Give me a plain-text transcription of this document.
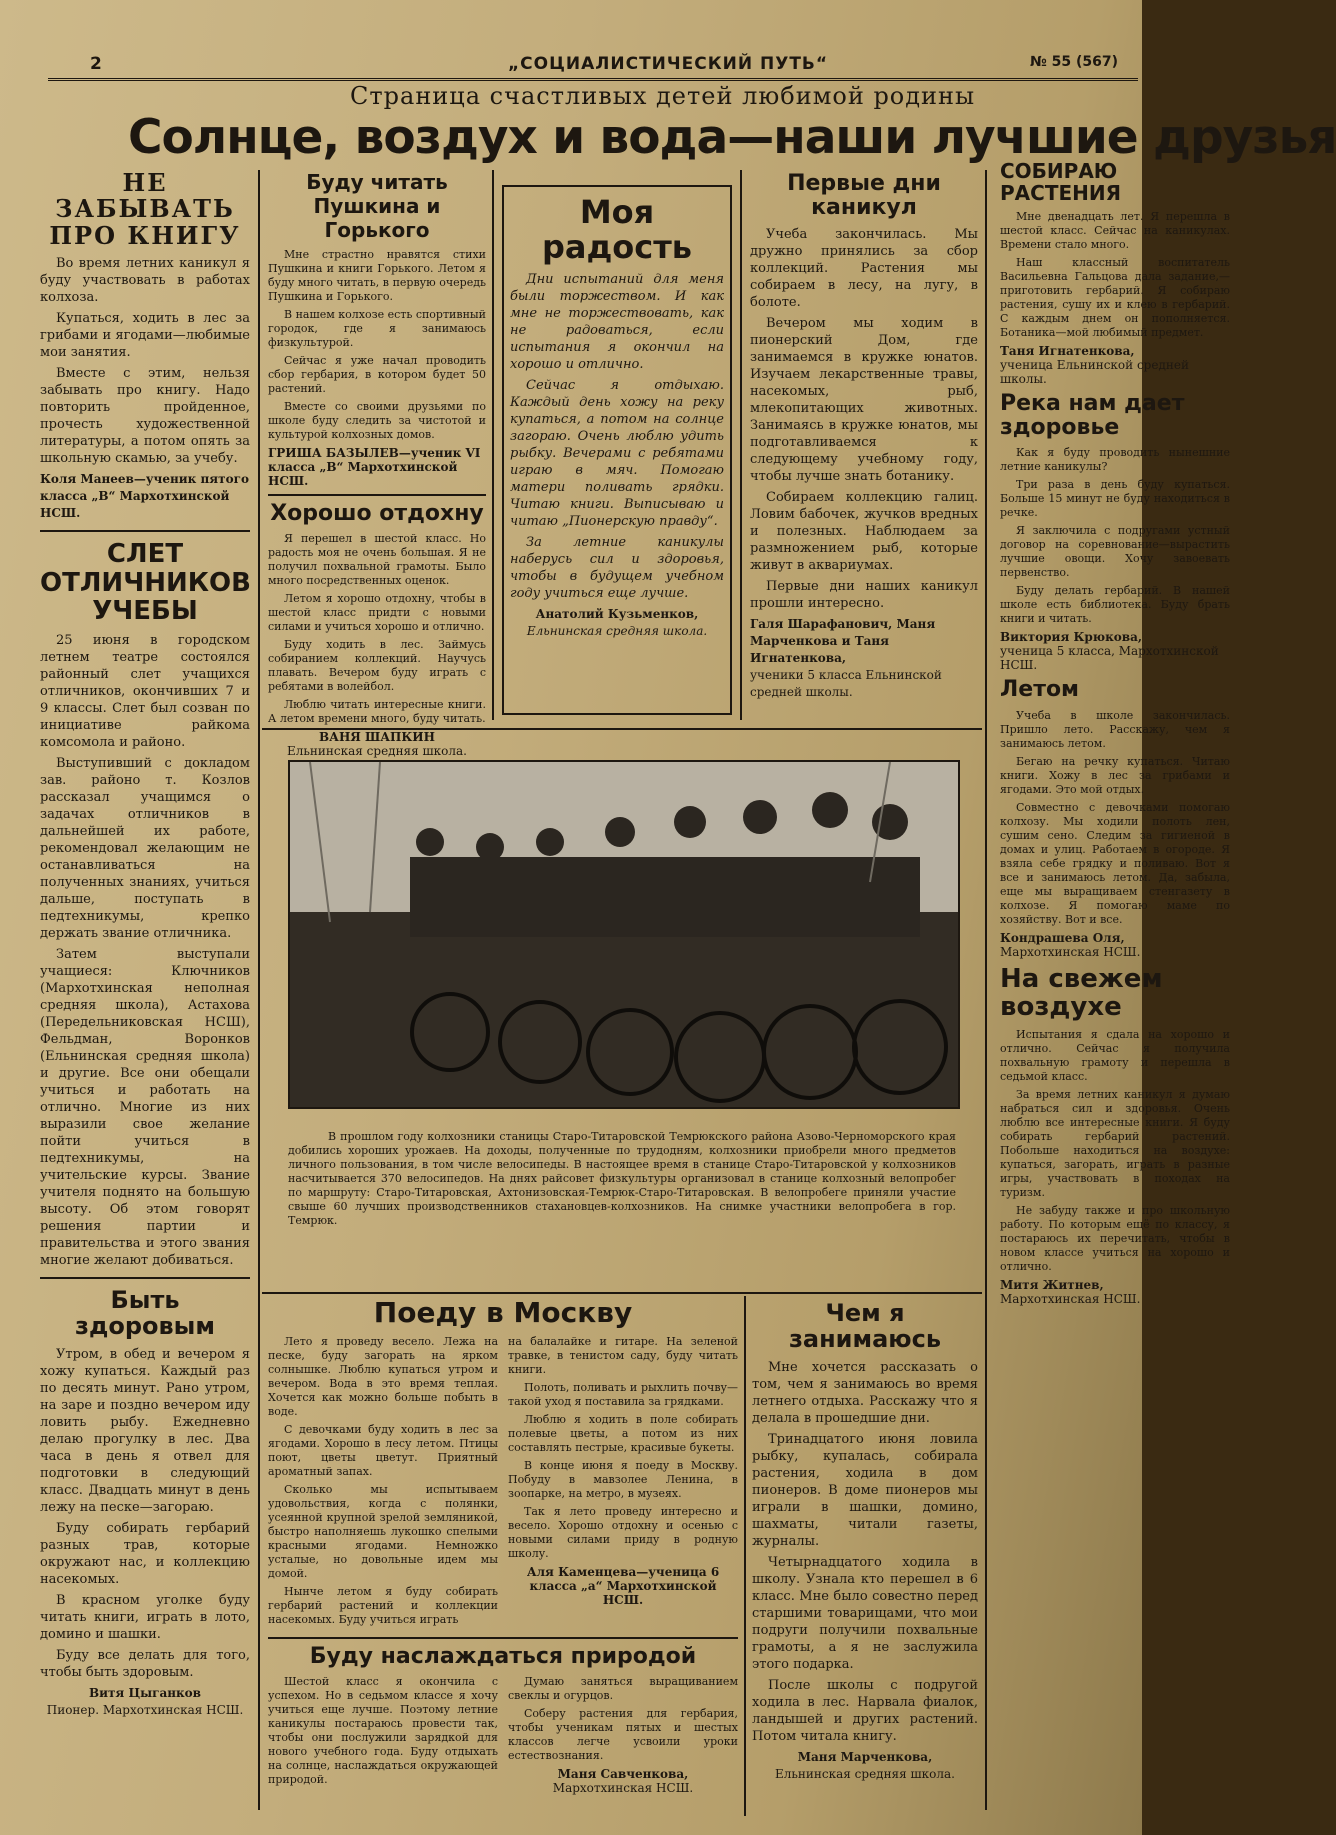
2	„СОЦИАЛИСТИЧЕСКИЙ ПУТЬ“	№ 55 (567)
Страница счастливых детей любимой родины
Солнце, воздух и вода—наши лучшие друзья
НЕ ЗАБЫВАТЬ ПРО КНИГУ

Во время летних каникул я буду участвовать в работах колхоза.

Купаться, ходить в лес за грибами и ягодами—любимые мои занятия.

Вместе с этим, нельзя забывать про книгу. Надо повторить пройденное, прочесть художественной литературы, а потом опять за школьную скамью, за учебу.

Коля Манеев—ученик пятого класса „В“ Мархотхинской НСШ.
СЛЕТ ОТЛИЧНИКОВ УЧЕБЫ

25 июня в городском летнем театре состоялся районный слет учащихся отличников, окончивших 7 и 9 классы. Слет был созван по инициативе райкома комсомола и районо.

Выступивший с докладом зав. районо т. Козлов рассказал учащимся о задачах отличников в дальнейшей их работе, рекомендовал желающим не останавливаться на полученных знаниях, учиться дальше, поступать в педтехникумы, крепко держать звание отличника.

Затем выступали учащиеся: Ключников (Мархотхинская неполная средняя школа), Астахова (Передельниковская НСШ), Фельдман, Воронков (Ельнинская средняя школа) и другие. Все они обещали учиться и работать на отлично. Многие из них выразили свое желание пойти учиться в педтехникумы, на учительские курсы. Звание учителя поднято на большую высоту. Об этом говорят решения партии и правительства и этого звания многие желают добиваться.

Быть здоровым

Утром, в обед и вечером я хожу купаться. Каждый раз по десять минут. Рано утром, на заре и поздно вечером иду ловить рыбу. Ежедневно делаю прогулку в лес. Два часа в день я отвел для подготовки в следующий класс. Двадцать минут в день лежу на песке—загораю.

Буду собирать гербарий разных трав, которые окружают нас, и коллекцию насекомых.

В красном уголке буду читать книги, играть в лото, домино и шашки.

Буду все делать для того, чтобы быть здоровым.

Витя Цыганков
Пионер. Мархотхинская НСШ.
Буду читать Пушкина и Горького

Мне страстно нравятся стихи Пушкина и книги Горького. Летом я буду много читать, в первую очередь Пушкина и Горького.

В нашем колхозе есть спортивный городок, где я занимаюсь физкультурой.

Сейчас я уже начал проводить сбор гербария, в котором будет 50 растений.

Вместе со своими друзьями по школе буду следить за чистотой и культурой колхозных домов.

ГРИША БАЗЫЛЕВ—ученик VI класса „В“ Мархотхинской НСШ.
Хорошо отдохну

Я перешел в шестой класс. Но радость моя не очень большая. Я не получил похвальной грамоты. Было много посредственных оценок.

Летом я хорошо отдохну, чтобы в шестой класс придти с новыми силами и учиться хорошо и отлично.

Буду ходить в лес. Займусь собиранием коллекций. Научусь плавать. Вечером буду играть с ребятами в волейбол.

Люблю читать интересные книги. А летом времени много, буду читать.

ВАНЯ ШАПКИН
Ельнинская средняя школа.
Моя радость

Дни испытаний для меня были торжеством. И как мне не торжествовать, как не радоваться, если испытания я окончил на хорошо и отлично.

Сейчас я отдыхаю. Каждый день хожу на реку купаться, а потом на солнце загораю. Очень люблю удить рыбку. Вечерами с ребятами играю в мяч. Помогаю матери поливать грядки. Читаю книги. Выписываю и читаю „Пионерскую правду“.

За летние каникулы наберусь сил и здоровья, чтобы в будущем учебном году учиться еще лучше.

Анатолий Кузьменков,
Ельнинская средняя школа.
Первые дни каникул

Учеба закончилась. Мы дружно принялись за сбор коллекций. Растения мы собираем в лесу, на лугу, в болоте.

Вечером мы ходим в пионерский Дом, где занимаемся в кружке юнатов. Изучаем лекарственные травы, насекомых, рыб, млекопитающих животных. Занимаясь в кружке юнатов, мы подготавливаемся к следующему учебному году, чтобы лучше знать ботанику.

Собираем коллекцию галиц. Ловим бабочек, жучков вредных и полезных. Наблюдаем за размножением рыб, которые живут в аквариумах.

Первые дни наших каникул прошли интересно.

Галя Шарафанович, Маня Марченкова и Таня Игнатенкова,
ученики 5 класса Ельнинской средней школы.

В прошлом году колхозники станицы Старо-Титаровской Темрюкского района Азово-Черноморского края добились хороших урожаев. На доходы, полученные по трудодням, колхозники приобрели много предметов личного пользования, в том числе велосипеды. В настоящее время в станице Старо-Титаровской у колхозников насчитывается 370 велосипедов. На днях райсовет физкультуры организовал в станице колхозный велопробег по маршруту: Старо-Титаровская, Ахтонизовская-Темрюк-Старо-Титаровская. В велопробеге приняли участие свыше 60 лучших производственников стахановцев-колхозников. На снимке участники велопробега в гор. Темрюк.

Поеду в Москву

Лето я проведу весело. Лежа на песке, буду загорать на ярком солнышке. Люблю купаться утром и вечером. Вода в это время теплая. Хочется как можно больше побыть в воде.

С девочками буду ходить в лес за ягодами. Хорошо в лесу летом. Птицы поют, цветы цветут. Приятный ароматный запах.

Сколько мы испытываем удовольствия, когда с полянки, усеянной крупной зрелой земляникой, быстро наполняешь лукошко спелыми красными ягодами. Немножко усталые, но довольные идем мы домой.

Нынче летом я буду собирать гербарий растений и коллекции насекомых. Буду учиться играть

на балалайке и гитаре. На зеленой травке, в тенистом саду, буду читать книги.

Полоть, поливать и рыхлить почву—такой уход я поставила за грядками.

Люблю я ходить в поле собирать полевые цветы, а потом из них составлять пестрые, красивые букеты.

В конце июня я поеду в Москву. Побуду в мавзолее Ленина, в зоопарке, на метро, в музеях.

Так я лето проведу интересно и весело. Хорошо отдохну и осенью с новыми силами приду в родную школу.

Аля Каменцева—ученица 6 класса „а“ Мархотхинской НСШ.
Буду наслаждаться природой

Шестой класс я окончила с успехом. Но в седьмом классе я хочу учиться еще лучше. Поэтому летние каникулы постараюсь провести так, чтобы они послужили зарядкой для нового учебного года. Буду отдыхать на солнце, наслаждаться окружающей природой.

Думаю заняться выращиванием свеклы и огурцов.

Соберу растения для гербария, чтобы ученикам пятых и шестых классов легче усвоили уроки естествознания.

Маня Савченкова,
Мархотхинская НСШ.
Чем я занимаюсь

Мне хочется рассказать о том, чем я занимаюсь во время летнего отдыха. Расскажу что я делала в прошедшие дни.

Тринадцатого июня ловила рыбку, купалась, собирала растения, ходила в дом пионеров. В доме пионеров мы играли в шашки, домино, шахматы, читали газеты, журналы.

Четырнадцатого ходила в школу. Узнала кто перешел в 6 класс. Мне было совестно перед старшими товарищами, что мои подруги получили похвальные грамоты, а я не заслужила этого подарка.

После школы с подругой ходила в лес. Нарвала фиалок, ландышей и других растений. Потом читала книгу.

Маня Марченкова,
Ельнинская средняя школа.
СОБИРАЮ РАСТЕНИЯ

Мне двенадцать лет. Я перешла в шестой класс. Сейчас на каникулах. Времени стало много.

Наш классный воспитатель Васильевна Гальцова дала задание,—приготовить гербарий. Я собираю растения, сушу их и клею в гербарий. С каждым днем он пополняется. Ботаника—мой любимый предмет.

Таня Игнатенкова,
ученица Ельнинской средней школы.
Река нам дает здоровье

Как я буду проводить нынешние летние каникулы?

Три раза в день буду купаться. Больше 15 минут не буду находиться в речке.

Я заключила с подругами устный договор на соревнование—вырастить лучшие овощи. Хочу завоевать первенство.

Буду делать гербарий. В нашей школе есть библиотека. Буду брать книги и читать.

Виктория Крюкова,
ученица 5 класса, Мархотхинской НСШ.
Летом

Учеба в школе закончилась. Пришло лето. Расскажу, чем я занимаюсь летом.

Бегаю на речку купаться. Читаю книги. Хожу в лес за грибами и ягодами. Это мой отдых.

Совместно с девочками помогаю колхозу. Мы ходили полоть лен, сушим сено. Следим за гигиеной в домах и улиц. Работаем в огороде. Я взяла себе грядку и поливаю. Вот я все и занимаюсь летом. Да, забыла, еще мы выращиваем стенгазету в колхозе. Я помогаю маме по хозяйству. Вот и все.

Кондрашева Оля,
Мархотхинская НСШ.
На свежем воздухе

Испытания я сдала на хорошо и отлично. Сейчас я получила похвальную грамоту и перешла в седьмой класс.

За время летних каникул я думаю набраться сил и здоровья. Очень люблю все интересные книги. Я буду собирать гербарий растений. Побольше находиться на воздухе: купаться, загорать, играть в разные игры, участвовать в походах на туризм.

Не забуду также и про школьную работу. По которым ещё по классу, я постараюсь их перечитать, чтобы в новом классе учиться на хорошо и отлично.

Митя Житнев,
Мархотхинская НСШ.
